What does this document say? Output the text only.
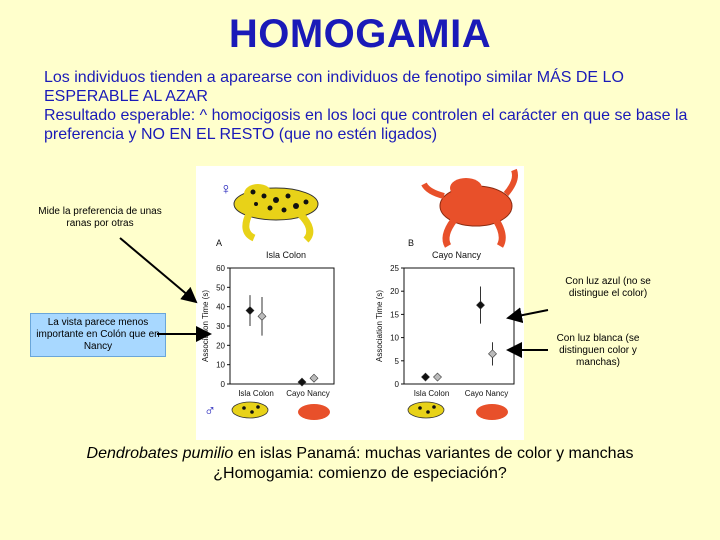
HOMOGAMIA

Los individuos tienden a aparearse con individuos de fenotipo similar MÁS DE LO ESPERABLE AL AZAR
Resultado esperable: ^ homocigosis en los loci que controlen el carácter en que se base la preferencia y NO EN EL RESTO (que no estén ligados)

Mide la preferencia de unas ranas por otras
La vista parece menos importante en Colón que en Nancy
Con luz azul (no se distingue el color)
Con luz blanca (se distinguen color y manchas)
♀
A
Isla Colon
B
Cayo Nancy
0
10
20
30
40
50
60
Association Time (s)
Isla Colon Cayo Nancy
0
5
10
15
20
25
Association Time (s)
Isla Colon Cayo Nancy
♂
Dendrobates pumilio en islas Panamá: muchas variantes de color y manchas
¿Homogamia: comienzo de especiación?
